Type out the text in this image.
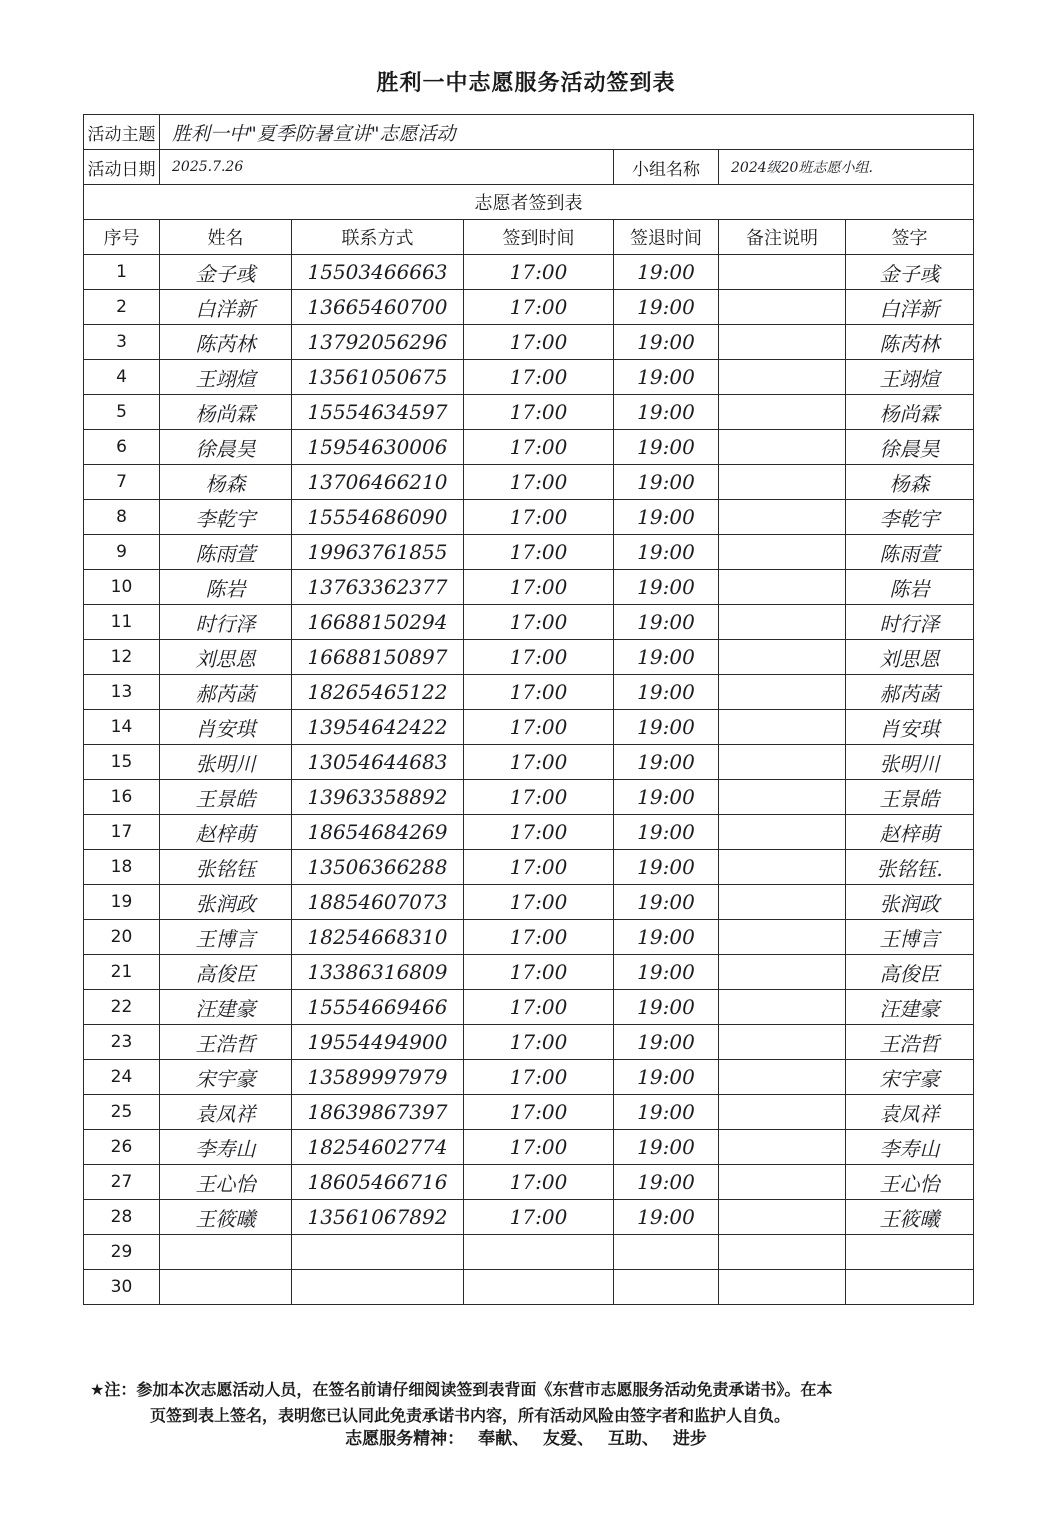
胜利一中志愿服务活动签到表
活动主题	胜利一中"夏季防暑宣讲"志愿活动					
活动日期	2025.7.26			小组名称	2024级20班志愿小组.	
志愿者签到表						
序号	姓名	联系方式	签到时间	签退时间	备注说明	签字
1	金子彧	15503466663	17:00	19:00		金子彧
2	白洋新	13665460700	17:00	19:00		白洋新
3	陈芮林	13792056296	17:00	19:00		陈芮林
4	王翊煊	13561050675	17:00	19:00		王翊煊
5	杨尚霖	15554634597	17:00	19:00		杨尚霖
6	徐晨昊	15954630006	17:00	19:00		徐晨昊
7	杨森	13706466210	17:00	19:00		杨森
8	李乾宇	15554686090	17:00	19:00		李乾宇
9	陈雨萱	19963761855	17:00	19:00		陈雨萱
10	陈岩	13763362377	17:00	19:00		陈岩
11	时行泽	16688150294	17:00	19:00		时行泽
12	刘思恩	16688150897	17:00	19:00		刘思恩
13	郝芮菡	18265465122	17:00	19:00		郝芮菡
14	肖安琪	13954642422	17:00	19:00		肖安琪
15	张明川	13054644683	17:00	19:00		张明川
16	王景皓	13963358892	17:00	19:00		王景皓
17	赵梓萌	18654684269	17:00	19:00		赵梓萌
18	张铭钰	13506366288	17:00	19:00		张铭钰.
19	张润政	18854607073	17:00	19:00		张润政
20	王博言	18254668310	17:00	19:00		王博言
21	高俊臣	13386316809	17:00	19:00		高俊臣
22	汪建豪	15554669466	17:00	19:00		汪建豪
23	王浩哲	19554494900	17:00	19:00		王浩哲
24	宋宇豪	13589997979	17:00	19:00		宋宇豪
25	袁凤祥	18639867397	17:00	19:00		袁凤祥
26	李寿山	18254602774	17:00	19:00		李寿山
27	王心怡	18605466716	17:00	19:00		王心怡
28	王筱曦	13561067892	17:00	19:00		王筱曦
29						
30						
★注：参加本次志愿活动人员，在签名前请仔细阅读签到表背面《东营市志愿服务活动免责承诺书》。在本
页签到表上签名，表明您已认同此免责承诺书内容，所有活动风险由签字者和监护人自负。
志愿服务精神： 奉献、 友爱、 互助、 进步
